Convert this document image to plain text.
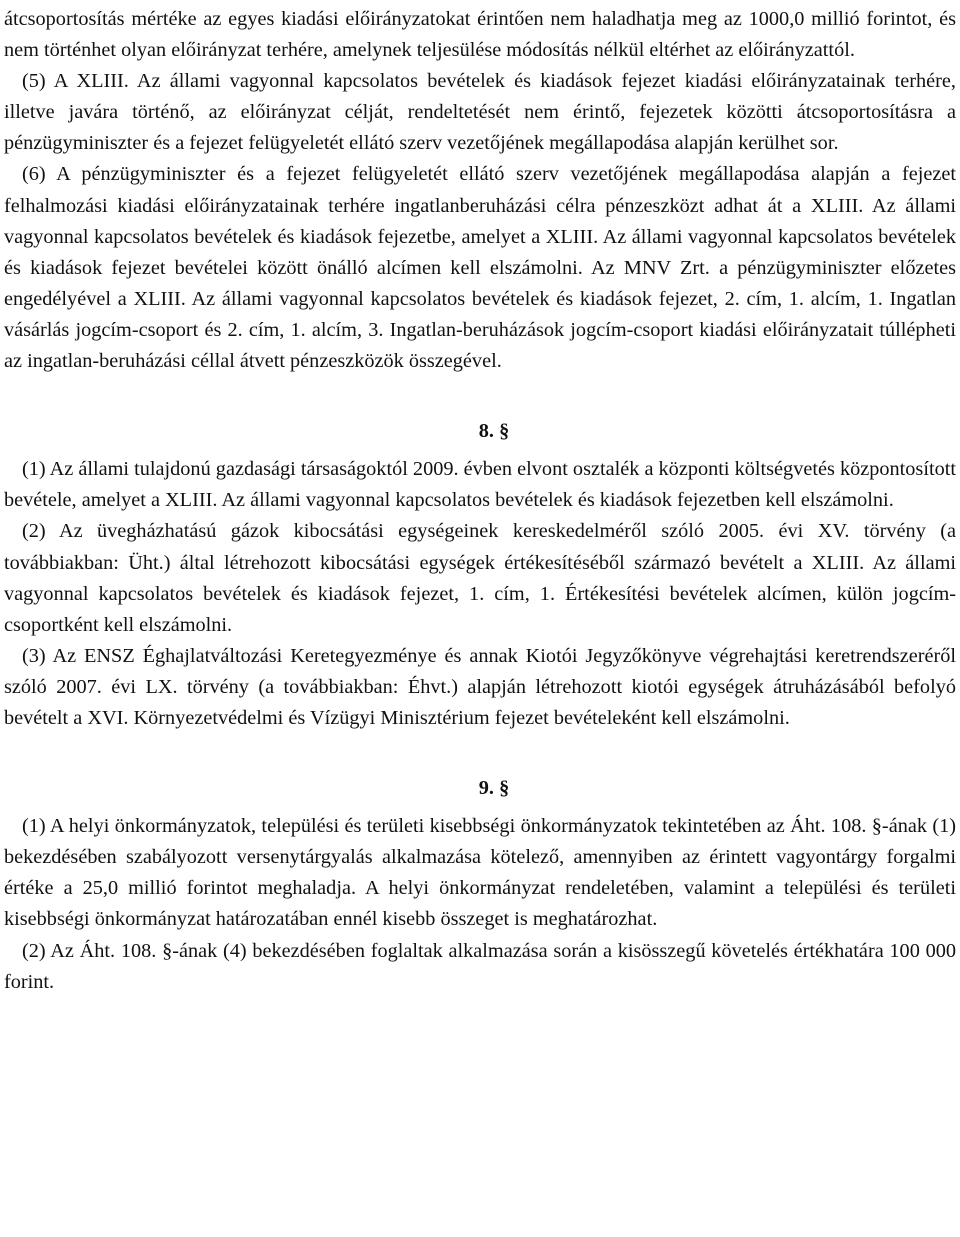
átcsoportosítás mértéke az egyes kiadási előirányzatokat érintően nem haladhatja meg az 1000,0 millió forintot, és nem történhet olyan előirányzat terhére, amelynek teljesülése módosítás nélkül eltérhet az előirányzattól.

(5) A XLIII. Az állami vagyonnal kapcsolatos bevételek és kiadások fejezet kiadási előirányzatainak terhére, illetve javára történő, az előirányzat célját, rendeltetését nem érintő, fejezetek közötti átcsoportosításra a pénzügyminiszter és a fejezet felügyeletét ellátó szerv vezetőjének megállapodása alapján kerülhet sor.

(6) A pénzügyminiszter és a fejezet felügyeletét ellátó szerv vezetőjének megállapodása alapján a fejezet felhalmozási kiadási előirányzatainak terhére ingatlanberuházási célra pénzeszközt adhat át a XLIII. Az állami vagyonnal kapcsolatos bevételek és kiadások fejezetbe, amelyet a XLIII. Az állami vagyonnal kapcsolatos bevételek és kiadások fejezet bevételei között önálló alcímen kell elszámolni. Az MNV Zrt. a pénzügyminiszter előzetes engedélyével a XLIII. Az állami vagyonnal kapcsolatos bevételek és kiadások fejezet, 2. cím, 1. alcím, 1. Ingatlan vásárlás jogcím-csoport és 2. cím, 1. alcím, 3. Ingatlan-beruházások jogcím-csoport kiadási előirányzatait túllépheti az ingatlan-beruházási céllal átvett pénzeszközök összegével.

8. §

(1) Az állami tulajdonú gazdasági társaságoktól 2009. évben elvont osztalék a központi költségvetés központosított bevétele, amelyet a XLIII. Az állami vagyonnal kapcsolatos bevételek és kiadások fejezetben kell elszámolni.

(2) Az üvegházhatású gázok kibocsátási egységeinek kereskedelméről szóló 2005. évi XV. törvény (a továbbiakban: Üht.) által létrehozott kibocsátási egységek értékesítéséből származó bevételt a XLIII. Az állami vagyonnal kapcsolatos bevételek és kiadások fejezet, 1. cím, 1. Értékesítési bevételek alcímen, külön jogcím-csoportként kell elszámolni.

(3) Az ENSZ Éghajlatváltozási Keretegyezménye és annak Kiotói Jegyzőkönyve végrehajtási keretrendszeréről szóló 2007. évi LX. törvény (a továbbiakban: Éhvt.) alapján létrehozott kiotói egységek átruházásából befolyó bevételt a XVI. Környezetvédelmi és Vízügyi Minisztérium fejezet bevételeként kell elszámolni.

9. §

(1) A helyi önkormányzatok, települési és területi kisebbségi önkormányzatok tekintetében az Áht. 108. §-ának (1) bekezdésében szabályozott versenytárgyalás alkalmazása kötelező, amennyiben az érintett vagyontárgy forgalmi értéke a 25,0 millió forintot meghaladja. A helyi önkormányzat rendeletében, valamint a települési és területi kisebbségi önkormányzat határozatában ennél kisebb összeget is meghatározhat.

(2) Az Áht. 108. §-ának (4) bekezdésében foglaltak alkalmazása során a kisösszegű követelés értékhatára 100 000 forint.
